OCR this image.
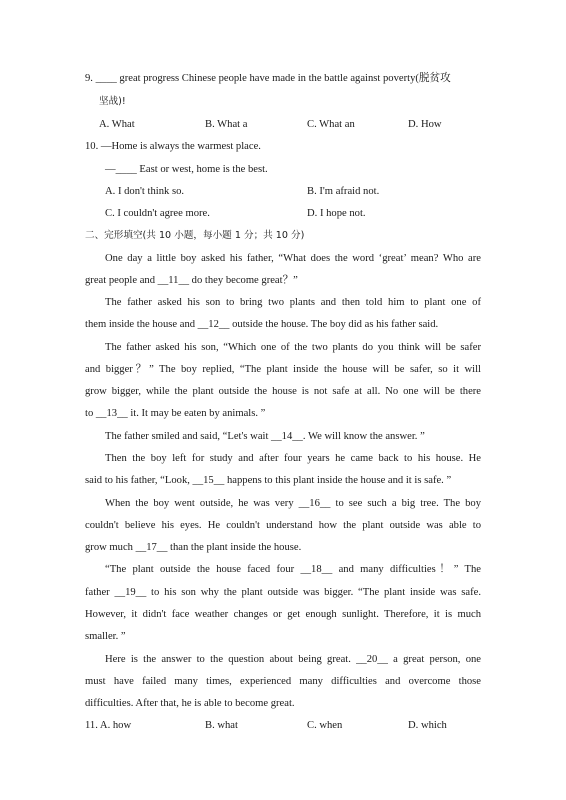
9. ____ great progress Chinese people have made in the battle against poverty(脱贫攻
坚战)!
A. What	B. What a	C. What an	D. How
10. —Home is always the warmest place.
—____ East or west, home is the best.
A. I don't think so.	B. I'm afraid not.
C. I couldn't agree more.	D. I hope not.
二、完形填空(共 10 小题，每小题 1 分；共 10 分)
One day a little boy asked his father, “What does the word ‘great’ mean? Who are
great people and __11__ do they become great？”
The father asked his son to bring two plants and then told him to plant one of
them inside the house and __12__ outside the house. The boy did as his father said.
The father asked his son, “Which one of the two plants do you think will be safer
and bigger？” The boy replied, “The plant inside the house will be safer, so it will
grow bigger, while the plant outside the house is not safe at all. No one will be there
to __13__ it. It may be eaten by animals. ”
The father smiled and said, “Let's wait __14__. We will know the answer. ”
Then the boy left for study and after four years he came back to his house. He
said to his father, “Look, __15__ happens to this plant inside the house and it is safe. ”
When the boy went outside, he was very __16__ to see such a big tree. The boy
couldn't believe his eyes. He couldn't understand how the plant outside was able to
grow much __17__ than the plant inside the house.
“The plant outside the house faced four __18__ and many difficulties！” The
father __19__ to his son why the plant outside was bigger. “The plant inside was safe.
However, it didn't face weather changes or get enough sunlight. Therefore, it is much
smaller. ”
Here is the answer to the question about being great. __20__ a great person, one
must have failed many times, experienced many difficulties and overcome those
difficulties. After that, he is able to become great.
11. A. how	B. what	C. when	D. which
